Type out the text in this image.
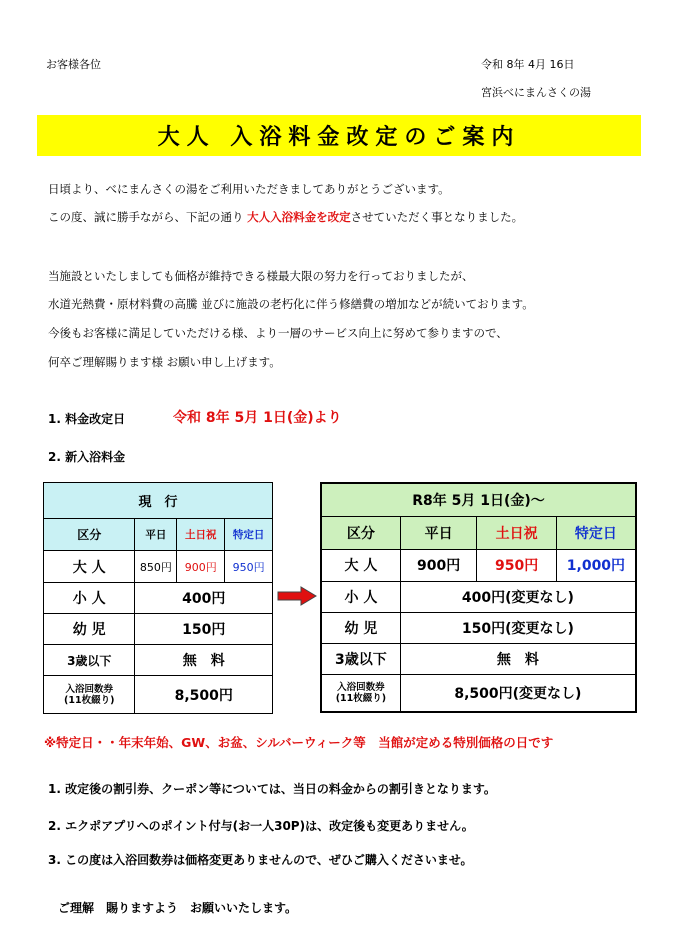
お客様各位	令和 8年 4月 16日
宮浜べにまんさくの湯
大人 入浴料金改定のご案内
日頃より、べにまんさくの湯をご利用いただきましてありがとうございます。
この度、誠に勝手ながら、下記の通り 大人入浴料金を改定させていただく事となりました。
当施設といたしましても価格が維持できる様最大限の努力を行っておりましたが、
水道光熱費・原材料費の高騰 並びに施設の老朽化に伴う修繕費の増加などが続いております。
今後もお客様に満足していただける様、より一層のサービス向上に努めて参りますので、
何卒ご理解賜ります様 お願い申し上げます。
1. 料金改定日	令和 8年 5月 1日(金)より
2. 新入浴料金
現　行			
区分	平日	土日祝	特定日
大 人	850円	900円	950円
小 人	400円		
幼 児	150円		
3歳以下	無　料		
入浴回数券
(11枚綴り)	8,500円		
R8年 5月 1日(金)～			
区分	平日	土日祝	特定日
大 人	900円	950円	1,000円
小 人	400円(変更なし)		
幼 児	150円(変更なし)		
3歳以下	無　料		
入浴回数券
(11枚綴り)	8,500円(変更なし)		
※特定日・・年末年始、GW、お盆、シルバーウィーク等　当館が定める特別価格の日です
1. 改定後の割引券、クーポン等については、当日の料金からの割引きとなります。
2. エクポアプリへのポイント付与(お一人30P)は、改定後も変更ありません。
3. この度は入浴回数券は価格変更ありませんので、ぜひご購入くださいませ。
ご理解　賜りますよう　お願いいたします。
